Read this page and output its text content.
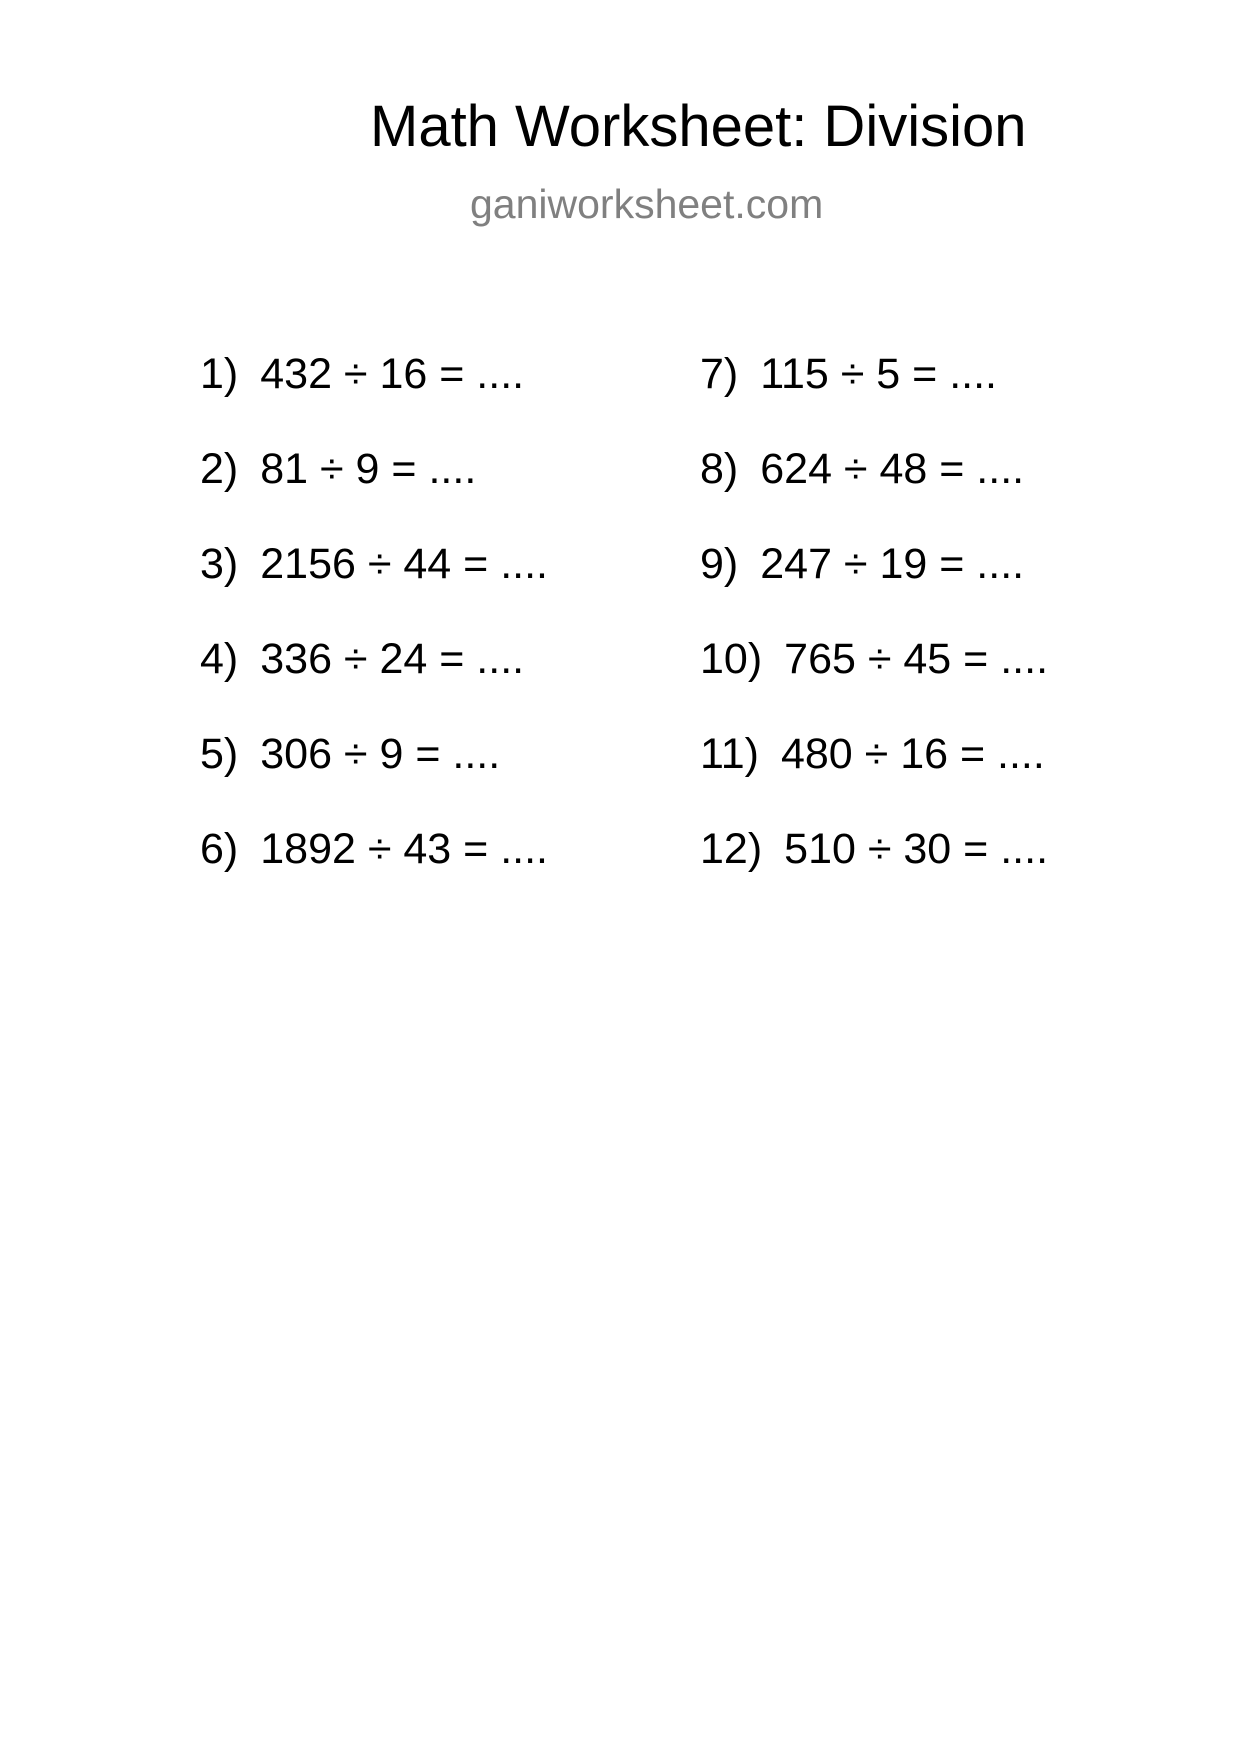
Math Worksheet: Division
ganiworksheet.com
1) 432 ÷ 16 = ....
2) 81 ÷ 9 = ....
3) 2156 ÷ 44 = ....
4) 336 ÷ 24 = ....
5) 306 ÷ 9 = ....
6) 1892 ÷ 43 = ....
7) 115 ÷ 5 = ....
8) 624 ÷ 48 = ....
9) 247 ÷ 19 = ....
10) 765 ÷ 45 = ....
11) 480 ÷ 16 = ....
12) 510 ÷ 30 = ....
